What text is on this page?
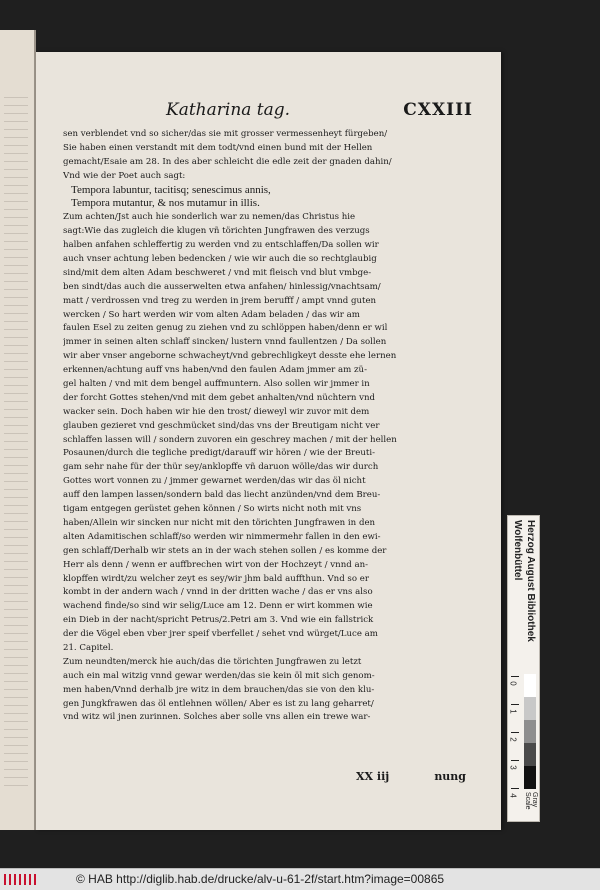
Katharina tag.	CXXIII
sen verblendet vnd so sicher/das sie mit grosser vermessenheyt fürgeben/
Sie haben einen verstandt mit dem todt/vnd einen bund mit der Hellen
gemacht/Esaie am 28. In des aber schleicht die edle zeit der gnaden dahin/
Vnd wie der Poet auch sagt:
Tempora labuntur, tacitisq; senescimus annis,
Tempora mutantur, & nos mutamur in illis.
Zum achten/Jst auch hie sonderlich war zu nemen/das Christus hie
sagt:Wie das zugleich die klugen vñ törichten Jungfrawen des verzugs
halben anfahen schleffertig zu werden vnd zu entschlaffen/Da sollen wir
auch vnser achtung leben bedencken / wie wir auch die so rechtglaubig
sind/mit dem alten Adam beschweret / vnd mit fleisch vnd blut vmbge-
ben sindt/das auch die ausserwelten etwa anfahen/ hinlessig/vnachtsam/
matt / verdrossen vnd treg zu werden in jrem berufff / ampt vnnd guten
wercken / So hart werden wir vom alten Adam beladen / das wir am
faulen Esel zu zeiten genug zu ziehen vnd zu schlöppen haben/denn er wil
jmmer in seinen alten schlaff sincken/ lustern vnnd faullentzen / Da sollen
wir aber vnser angeborne schwacheyt/vnd gebrechligkeyt desste ehe lernen
erkennen/achtung auff vns haben/vnd den faulen Adam jmmer am zü-
gel halten / vnd mit dem bengel auffmuntern. Also sollen wir jmmer in
der forcht Gottes stehen/vnd mit dem gebet anhalten/vnd nüchtern vnd
wacker sein. Doch haben wir hie den trost/ dieweyl wir zuvor mit dem
glauben gezieret vnd geschmücket sind/das vns der Breutigam nicht ver
schlaffen lassen will / sondern zuvoren ein geschrey machen / mit der hellen
Posaunen/durch die tegliche predigt/darauff wir hören / wie der Breuti-
gam sehr nahe für der thür sey/anklopffe vñ daruon wölle/das wir durch
Gottes wort vonnen zu / jmmer gewarnet werden/das wir das öl nicht
auff den lampen lassen/sondern bald das liecht anzünden/vnd dem Breu-
tigam entgegen gerüstet gehen können / So wirts nicht noth mit vns
haben/Allein wir sincken nur nicht mit den törichten Jungfrawen in den
alten Adamitischen schlaff/so werden wir nimmermehr fallen in den ewi-
gen schlaff/Derhalb wir stets an in der wach stehen sollen / es komme der
Herr als denn / wenn er auffbrechen wirt von der Hochzeyt / vnnd an-
klopffen wirdt/zu welcher zeyt es sey/wir jhm bald auffthun. Vnd so er
kombt in der andern wach / vnnd in der dritten wache / das er vns also
wachend finde/so sind wir selig/Luce am 12. Denn er wirt kommen wie
ein Dieb in der nacht/spricht Petrus/2.Petri am 3. Vnd wie ein fallstrick
der die Vögel eben vber jrer speif vberfellet / sehet vnd würget/Luce am
21. Capitel.
Zum neundten/merck hie auch/das die törichten Jungfrawen zu letzt
auch ein mal witzig vnnd gewar werden/das sie kein öl mit sich genom-
men haben/Vnnd derhalb jre witz in dem brauchen/das sie von den klu-
gen Jungkfrawen das öl entlehnen wöllen/ Aber es ist zu lang geharret/
vnd witz wil jnen zurinnen. Solches aber solle vns allen ein trewe war-
XX iij	nung
Herzog August Bibliothek Wolfenbüttel
0
1
2
3
4	Gray Scale
© HAB http://diglib.hab.de/drucke/alv-u-61-2f/start.htm?image=00865
